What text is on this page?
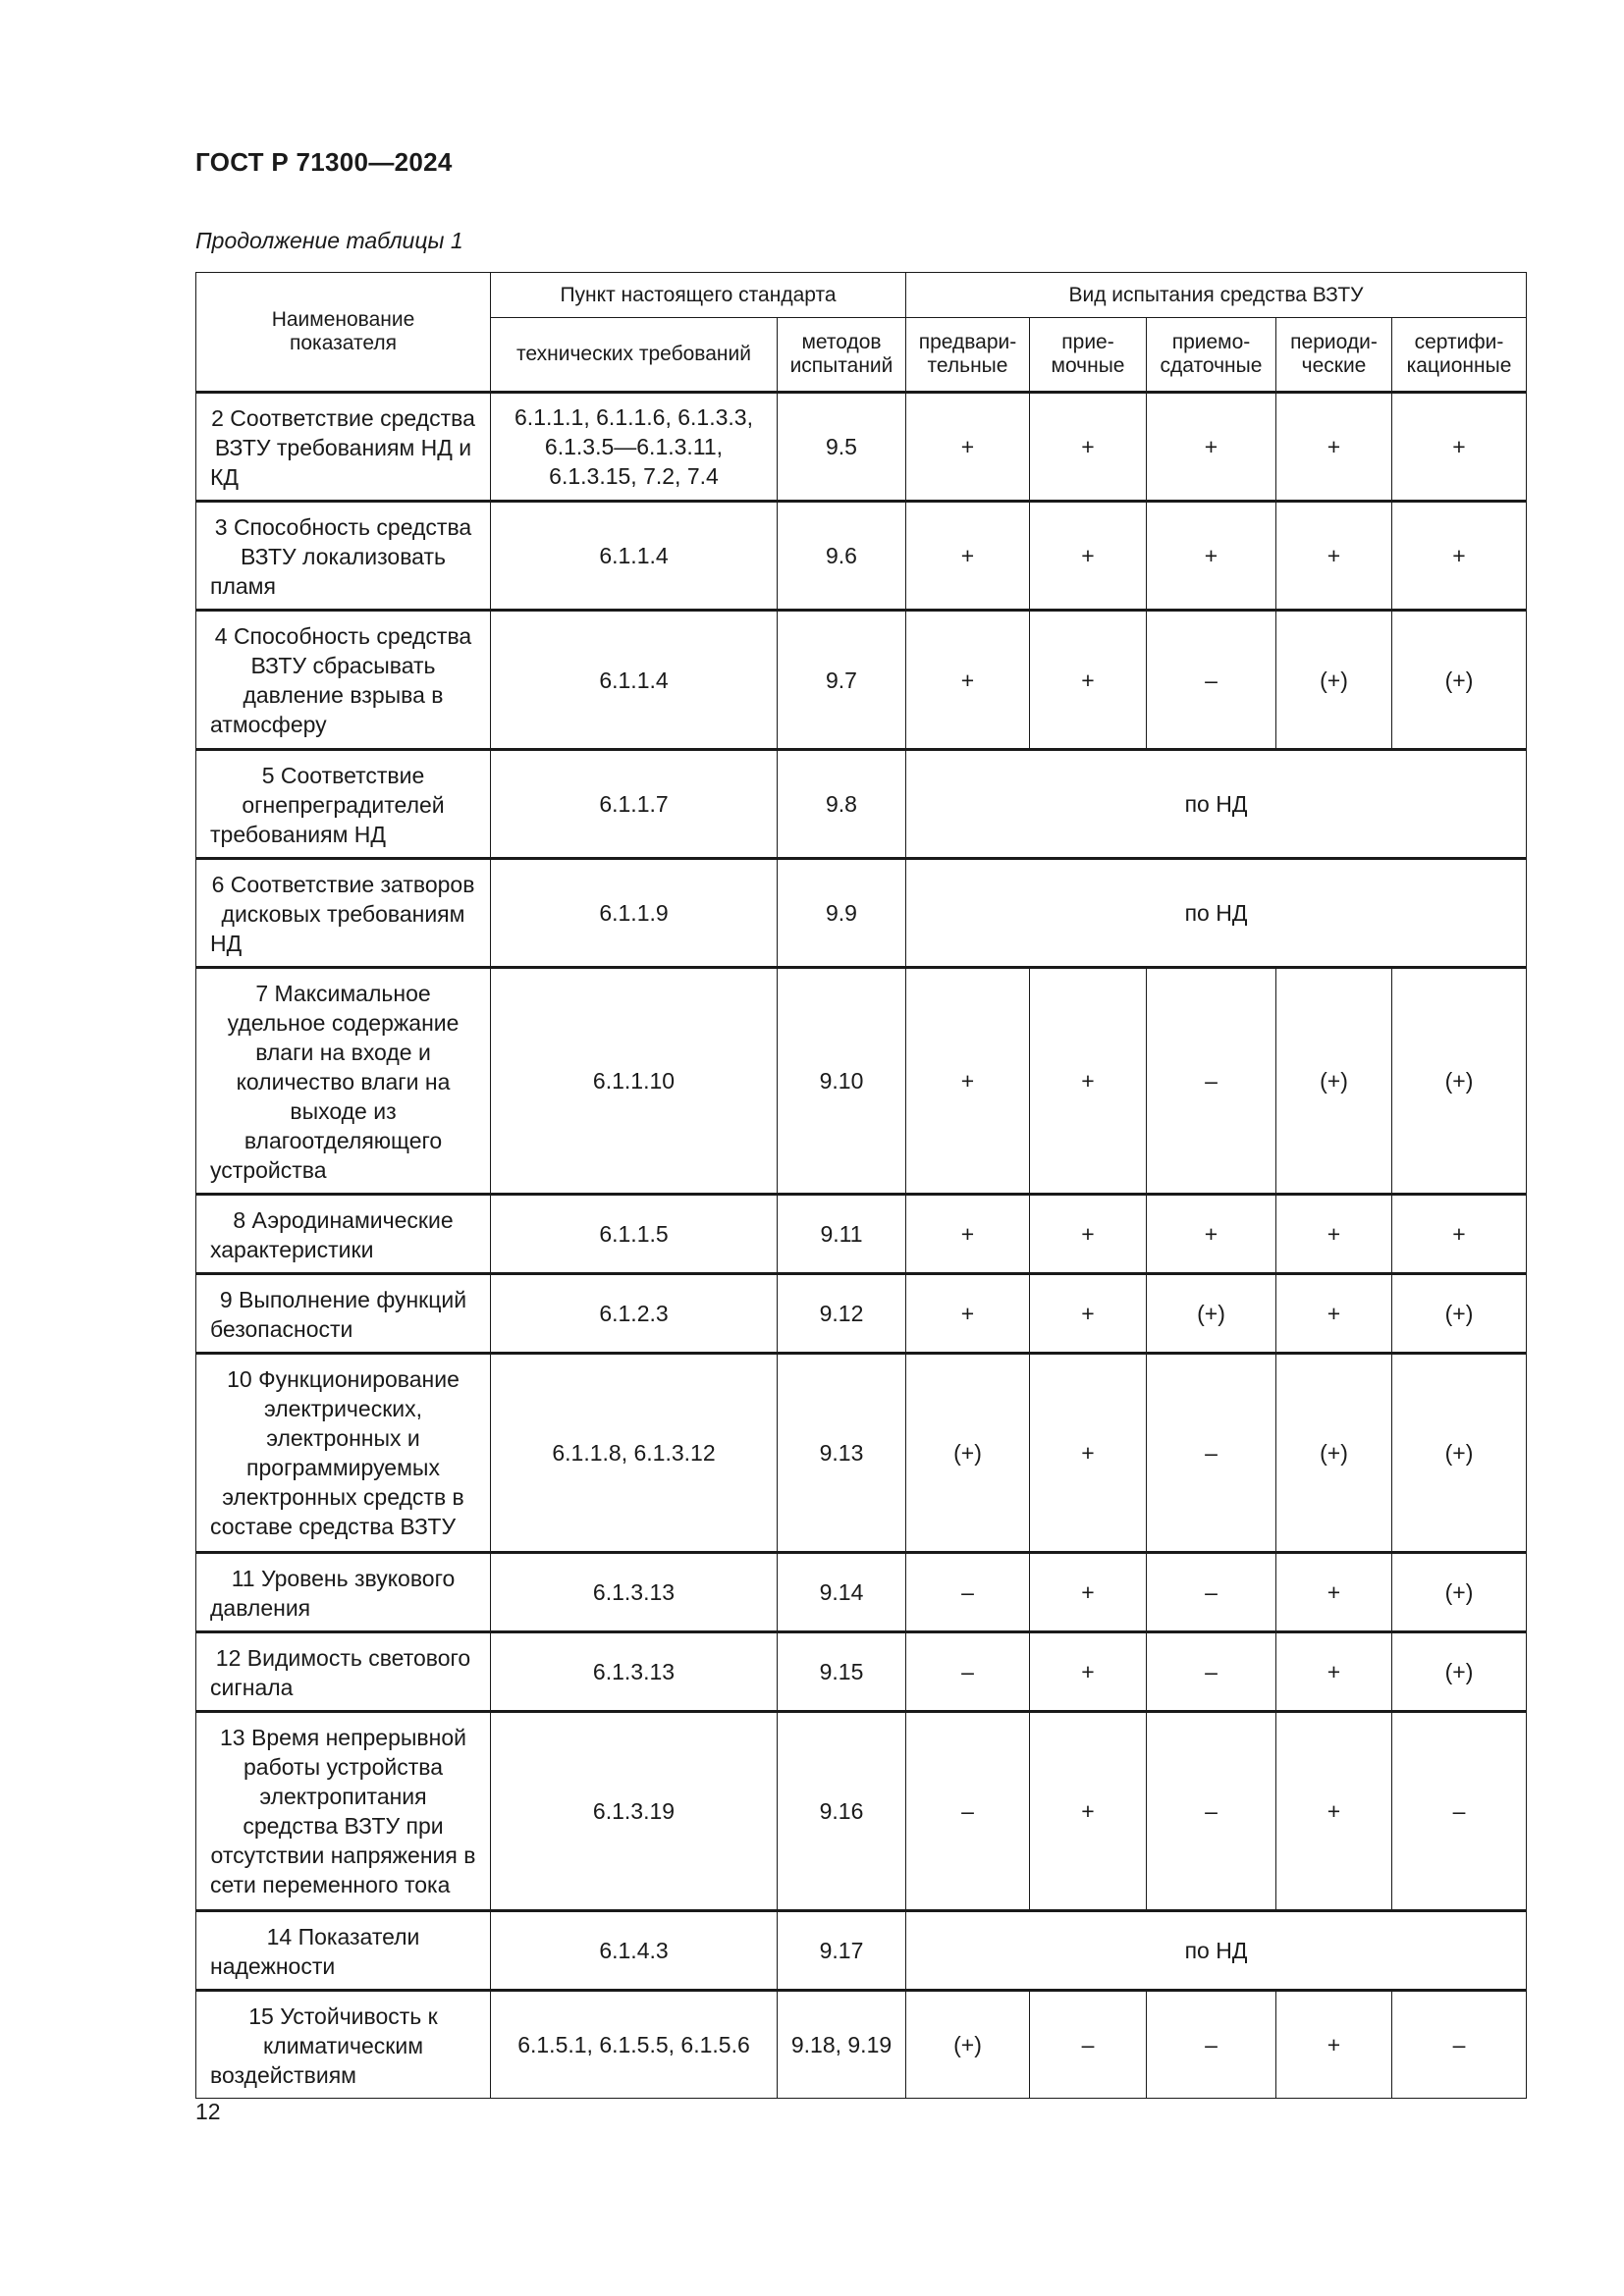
ГОСТ Р 71300—2024
Продолжение таблицы 1
Наименование показателя	Пункт настоящего стандарта		Вид испытания средства ВЗТУ				
	технических требований	методов испытаний	предвари-тельные	прие-мочные	приемо-сдаточные	периоди-ческие	сертифи-кационные
2 Соответствие средства ВЗТУ требованиям НД и КД	6.1.1.1, 6.1.1.6, 6.1.3.3, 6.1.3.5—6.1.3.11, 6.1.3.15, 7.2, 7.4	9.5	+	+	+	+	+
3 Способность средства ВЗТУ локализовать пламя	6.1.1.4	9.6	+	+	+	+	+
4 Способность средства ВЗТУ сбрасывать давление взрыва в атмосферу	6.1.1.4	9.7	+	+	–	(+)	(+)
5 Соответствие огнепреградителей требованиям НД	6.1.1.7	9.8	по НД				
6 Соответствие затворов дисковых требованиям НД	6.1.1.9	9.9	по НД				
7 Максимальное удельное содержание влаги на входе и количество влаги на выходе из влагоотделяющего устройства	6.1.1.10	9.10	+	+	–	(+)	(+)
8 Аэродинамические характеристики	6.1.1.5	9.11	+	+	+	+	+
9 Выполнение функций безопасности	6.1.2.3	9.12	+	+	(+)	+	(+)
10 Функционирование электрических, электронных и программируемых электронных средств в составе средства ВЗТУ	6.1.1.8, 6.1.3.12	9.13	(+)	+	–	(+)	(+)
11 Уровень звукового давления	6.1.3.13	9.14	–	+	–	+	(+)
12 Видимость светового сигнала	6.1.3.13	9.15	–	+	–	+	(+)
13 Время непрерывной работы устройства электропитания средства ВЗТУ при отсутствии напряжения в сети переменного тока	6.1.3.19	9.16	–	+	–	+	–
14 Показатели надежности	6.1.4.3	9.17	по НД				
15 Устойчивость к климатическим воздействиям	6.1.5.1, 6.1.5.5, 6.1.5.6	9.18, 9.19	(+)	–	–	+	–
12
